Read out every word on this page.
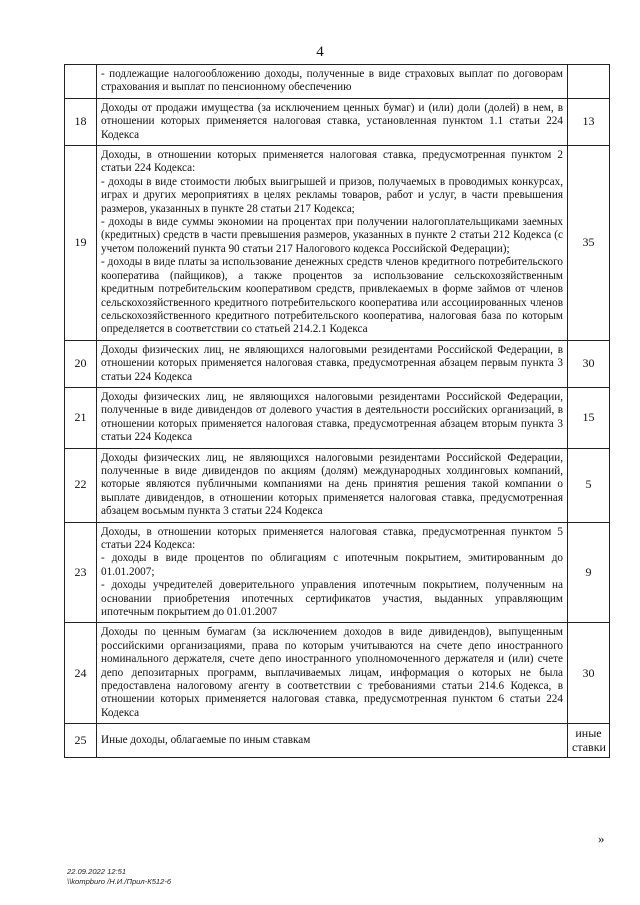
4

	- подлежащие налогообложению доходы, полученные в виде страховых выплат по договорам страхования и выплат по пенсионному обеспечению	

18	Доходы от продажи имущества (за исключением ценных бумаг) и (или) доли (долей) в нем, в отношении которых применяется налоговая ставка, установленная пунктом 1.1 статьи 224 Кодекса	13
19	Доходы, в отношении которых применяется налоговая ставка, предусмотренная пунктом 2 статьи 224 Кодекса:
- доходы в виде стоимости любых выигрышей и призов, получаемых в проводимых конкурсах, играх и других мероприятиях в целях рекламы товаров, работ и услуг, в части превышения размеров, указанных в пункте 28 статьи 217 Кодекса;
- доходы в виде суммы экономии на процентах при получении налогоплательщиками заемных (кредитных) средств в части превышения размеров, указанных в пункте 2 статьи 212 Кодекса (с учетом положений пункта 90 статьи 217 Налогового кодекса Российской Федерации);
- доходы в виде платы за использование денежных средств членов кредитного потребительского кооператива (пайщиков), а также процентов за использование сельскохозяйственным кредитным потребительским кооперативом средств, привлекаемых в форме займов от членов сельскохозяйственного кредитного потребительского кооператива или ассоциированных членов сельскохозяйственного кредитного потребительского кооператива, налоговая база по которым определяется в соответствии со статьей 214.2.1 Кодекса	35
20	Доходы физических лиц, не являющихся налоговыми резидентами Российской Федерации, в отношении которых применяется налоговая ставка, предусмотренная абзацем первым пункта 3 статьи 224 Кодекса	30
21	Доходы физических лиц, не являющихся налоговыми резидентами Российской Федерации, полученные в виде дивидендов от долевого участия в деятельности российских организаций, в отношении которых применяется налоговая ставка, предусмотренная абзацем вторым пункта 3 статьи 224 Кодекса	15
22	Доходы физических лиц, не являющихся налоговыми резидентами Российской Федерации, полученные в виде дивидендов по акциям (долям) международных холдинговых компаний, которые являются публичными компаниями на день принятия решения такой компании о выплате дивидендов, в отношении которых применяется налоговая ставка, предусмотренная абзацем восьмым пункта 3 статьи 224 Кодекса	5
23	Доходы, в отношении которых применяется налоговая ставка, предусмотренная пунктом 5 статьи 224 Кодекса:
- доходы в виде процентов по облигациям с ипотечным покрытием, эмитированным до 01.01.2007;
- доходы учредителей доверительного управления ипотечным покрытием, полученным на основании приобретения ипотечных сертификатов участия, выданных управляющим ипотечным покрытием до 01.01.2007	9
24	Доходы по ценным бумагам (за исключением доходов в виде дивидендов), выпущенным российскими организациями, права по которым учитываются на счете депо иностранного номинального держателя, счете депо иностранного уполномоченного держателя и (или) счете депо депозитарных программ, выплачиваемых лицам, информация о которых не была предоставлена налоговому агенту в соответствии с требованиями статьи 214.6 Кодекса, в отношении которых применяется налоговая ставка, предусмотренная пунктом 6 статьи 224 Кодекса	30
25	Иные доходы, облагаемые по иным ставкам	иные ставки
»
22.09.2022 12:51
\\kompburo /Н.И./Прил-К512-6
